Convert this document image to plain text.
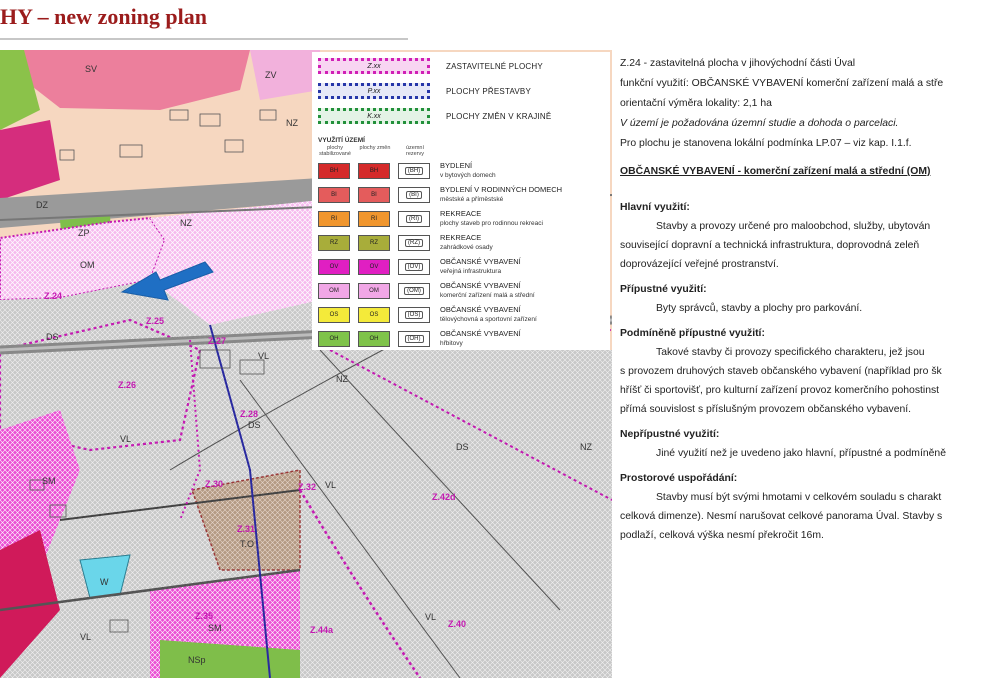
HY – new zoning plan
SV
ZV
NZ
NZ
NZ
NZ
DZ
ZP
OM
DS
DS
DS
VL
VL
VL
VL
VL
SM
SM
W
NSp
T.O
Z.24
Z.25
Z.26
Z.27
Z.28
Z.30
Z.31
Z.32
Z.35
Z.40
Z.42d
Z.44a
Z.xx	ZASTAVITELNÉ PLOCHY
P.xx	PLOCHY PŘESTAVBY
K.xx	PLOCHY ZMĚN V KRAJINĚ
VYUŽITÍ ÚZEMÍ
plochy stabilizované
plochy změn	územní rezervy
BH	BH	(BH)
BYDLENÍ
v bytových domech
BI	BI	(BI)
BYDLENÍ V RODINNÝCH DOMECH
městské a příměstské
RI	RI	(RI)
REKREACE
plochy staveb pro rodinnou rekreaci
RZ	RZ	(RZ)
REKREACE
zahrádkové osady
OV	OV	(OV)
OBČANSKÉ VYBAVENÍ
veřejná infrastruktura
OM	OM	(OM)
OBČANSKÉ VYBAVENÍ
komerční zařízení malá a střední
OS	OS	(OS)
OBČANSKÉ VYBAVENÍ
tělovýchovná a sportovní zařízení
OH	OH	(OH)
OBČANSKÉ VYBAVENÍ
hřbitovy
Z.24 - zastavitelná plocha v jihovýchodní části Úval
funkční využití: OBČANSKÉ VYBAVENÍ komerční zařízení malá a stře
orientační výměra lokality: 2,1 ha
V území je požadována územní studie a dohoda o parcelaci.
Pro plochu je stanovena lokální podmínka LP.07 – viz kap. I.1.f.
OBČANSKÉ VYBAVENÍ - komerční zařízení malá a střední (OM)
Hlavní využití:
Stavby a provozy určené pro maloobchod, služby, ubytován
související dopravní a technická infrastruktura, doprovodná zeleň
doprovázející veřejné prostranství.
Přípustné využití:
Byty správců, stavby a plochy pro parkování.
Podmíněně přípustné využití:
Takové stavby či provozy specifického charakteru, jež jsou
s provozem druhových staveb občanského vybavení (například pro šk
hříšť či sportovišť, pro kulturní zařízení provoz komerčního pohostinst
přímá souvislost s příslušným provozem občanského vybavení.
Nepřípustné využití:
Jiné využití než je uvedeno jako hlavní, přípustné a podmíněně
Prostorové uspořádání:
Stavby musí být svými hmotami v celkovém souladu s charakt
celková dimenze). Nesmí narušovat celkové panorama Úval. Stavby s
podlaží, celková výška nesmí překročit 16m.
